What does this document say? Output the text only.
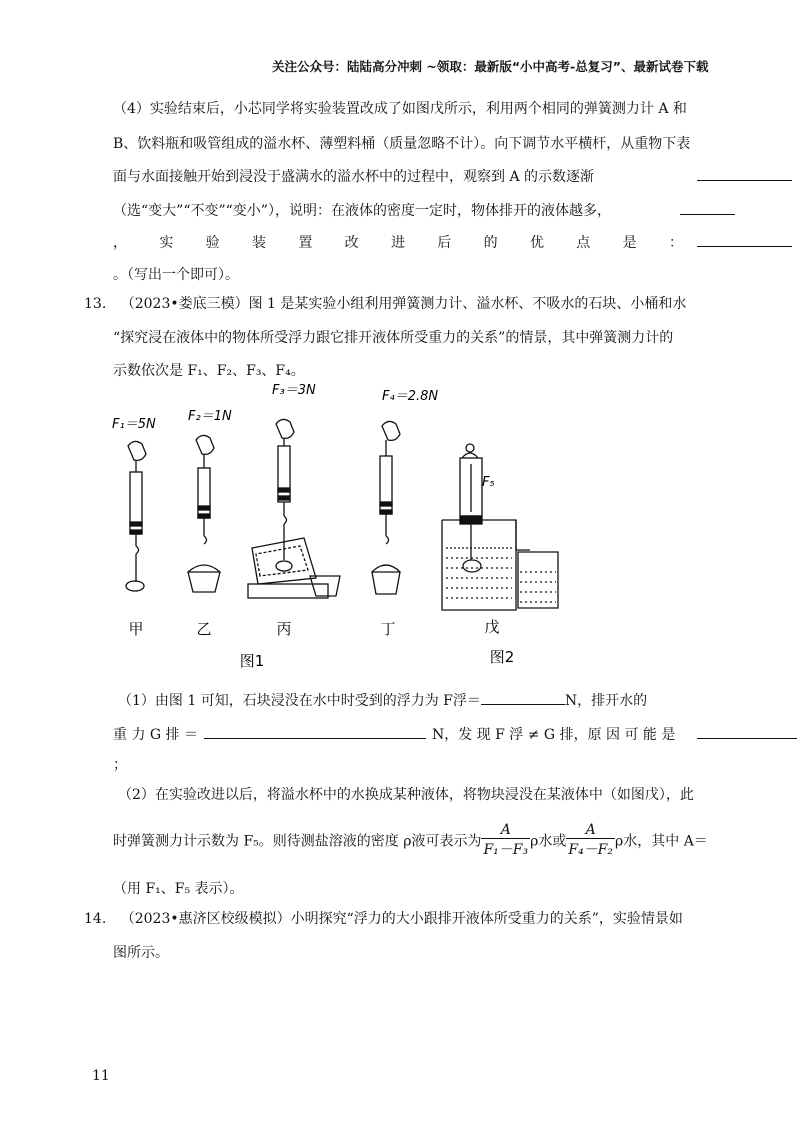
关注公众号：陆陆高分冲刺 ~领取：最新版“小中高考-总复习”、最新试卷下载
（4）实验结束后，小芯同学将实验装置改成了如图戊所示，利用两个相同的弹簧测力计 A 和
B、饮料瓶和吸管组成的溢水杯、薄塑料桶（质量忽略不计）。向下调节水平横杆，从重物下表
面与水面接触开始到浸没于盛满水的溢水杯中的过程中，观察到 A 的示数逐渐
（选“变大”“不变”“变小”），说明：在液体的密度一定时，物体排开的液体越多，
， 实 验 装 置 改 进 后 的 优 点 是 ：
。（写出一个即可）。
13. （2023•娄底三模）图 1 是某实验小组利用弹簧测力计、溢水杯、不吸水的石块、小桶和水
“探究浸在液体中的物体所受浮力跟它排开液体所受重力的关系”的情景，其中弹簧测力计的
示数依次是 F₁、F₂、F₃、F₄。
F₁＝5N
F₂＝1N
F₃＝3N	F₄＝2.8N
F₅
甲	乙	丙	丁	戊
图1	图2
（1）由图 1 可知，石块浸没在水中时受到的浮力为 F浮＝	N，排开水的
重 力 G 排 ＝	N，发 现 F 浮 ≠ G 排，原 因 可 能 是
；
（2）在实验改进以后，将溢水杯中的水换成某种液体，将物块浸没在某液体中（如图戊），此
时弹簧测力计示数为 F₅。则待测盐溶液的密度 ρ液可表示为 $\frac{A}{\text{F₁－F₃}}$ ρ水或 $\frac{A}{\text{F₄－F₂}}$ ρ水，其中 A＝
（用 F₁、F₅ 表示）。
14. （2023•惠济区校级模拟）小明探究“浮力的大小跟排开液体所受重力的关系”，实验情景如
图所示。
11
